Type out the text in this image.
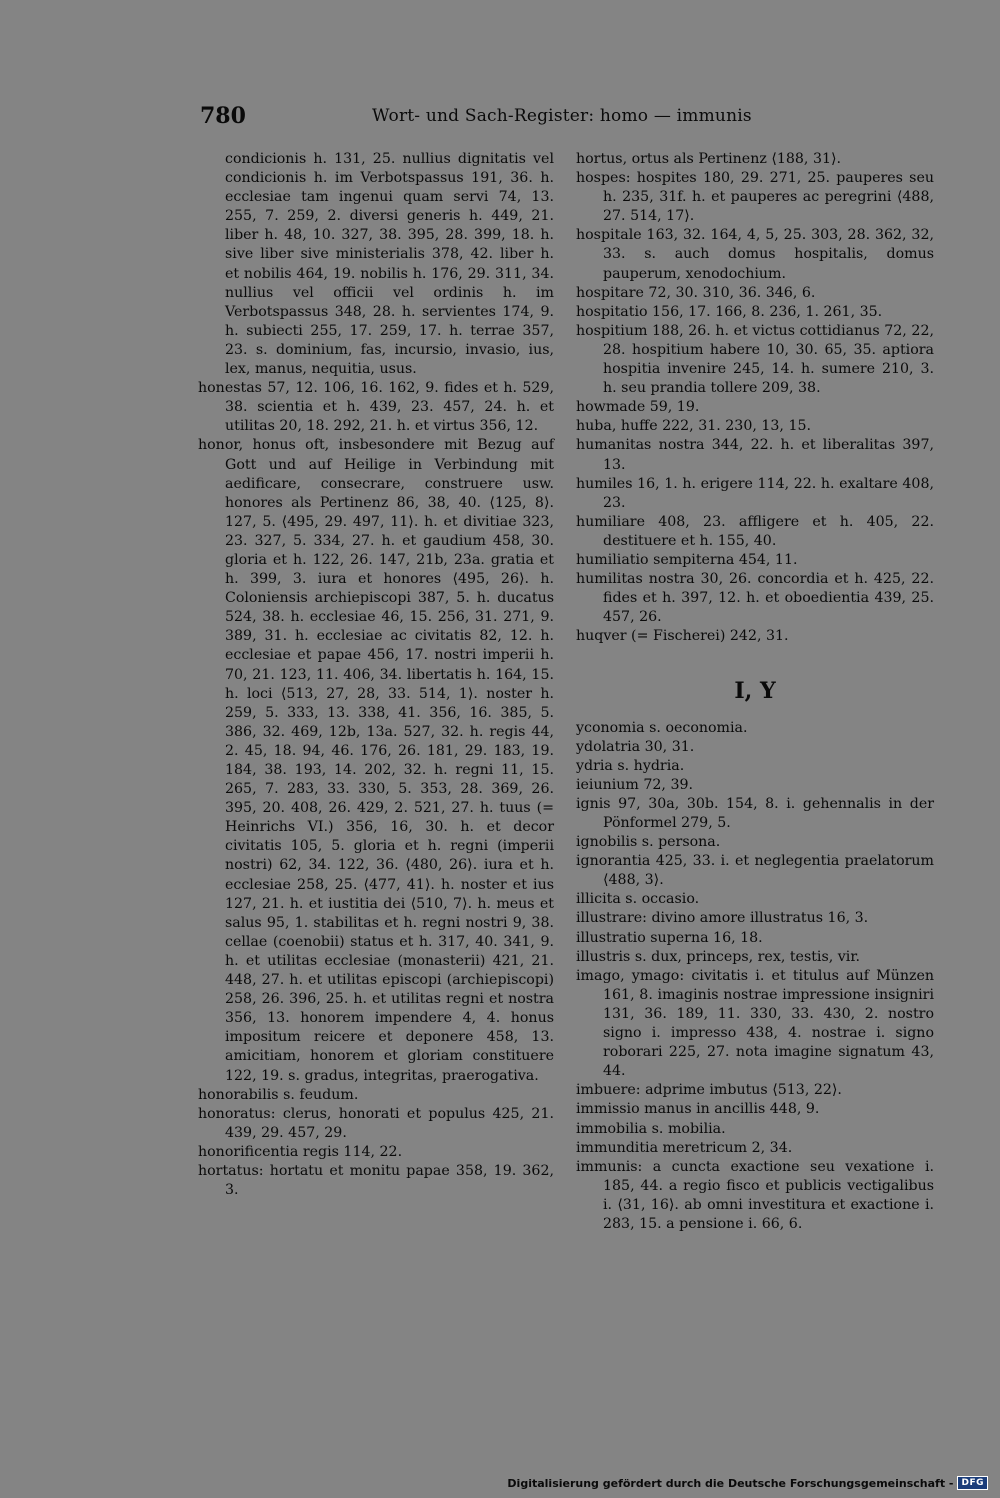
780	Wort- und Sach-Register: homo — immunis

condicionis h. 131, 25. nullius dignitatis vel condicionis h. im Verbotspassus 191, 36. h. ecclesiae tam ingenui quam servi 74, 13. 255, 7. 259, 2. diversi generis h. 449, 21. liber h. 48, 10. 327, 38. 395, 28. 399, 18. h. sive liber sive ministerialis 378, 42. liber h. et nobilis 464, 19. nobilis h. 176, 29. 311, 34. nullius vel officii vel ordinis h. im Verbotspassus 348, 28. h. servientes 174, 9. h. subiecti 255, 17. 259, 17. h. terrae 357, 23. s. dominium, fas, incursio, invasio, ius, lex, manus, nequitia, usus.

honestas 57, 12. 106, 16. 162, 9. fides et h. 529, 38. scientia et h. 439, 23. 457, 24. h. et utilitas 20, 18. 292, 21. h. et virtus 356, 12.

honor, honus oft, insbesondere mit Bezug auf Gott und auf Heilige in Verbindung mit aedificare, consecrare, construere usw. honores als Pertinenz 86, 38, 40. ⟨125, 8⟩. 127, 5. ⟨495, 29. 497, 11⟩. h. et divitiae 323, 23. 327, 5. 334, 27. h. et gaudium 458, 30. gloria et h. 122, 26. 147, 21b, 23a. gratia et h. 399, 3. iura et honores ⟨495, 26⟩. h. Coloniensis archiepiscopi 387, 5. h. ducatus 524, 38. h. ecclesiae 46, 15. 256, 31. 271, 9. 389, 31. h. ecclesiae ac civitatis 82, 12. h. ecclesiae et papae 456, 17. nostri imperii h. 70, 21. 123, 11. 406, 34. libertatis h. 164, 15. h. loci ⟨513, 27, 28, 33. 514, 1⟩. noster h. 259, 5. 333, 13. 338, 41. 356, 16. 385, 5. 386, 32. 469, 12b, 13a. 527, 32. h. regis 44, 2. 45, 18. 94, 46. 176, 26. 181, 29. 183, 19. 184, 38. 193, 14. 202, 32. h. regni 11, 15. 265, 7. 283, 33. 330, 5. 353, 28. 369, 26. 395, 20. 408, 26. 429, 2. 521, 27. h. tuus (= Heinrichs VI.) 356, 16, 30. h. et decor civitatis 105, 5. gloria et h. regni (imperii nostri) 62, 34. 122, 36. ⟨480, 26⟩. iura et h. ecclesiae 258, 25. ⟨477, 41⟩. h. noster et ius 127, 21. h. et iustitia dei ⟨510, 7⟩. h. meus et salus 95, 1. stabilitas et h. regni nostri 9, 38. cellae (coenobii) status et h. 317, 40. 341, 9. h. et utilitas ecclesiae (monasterii) 421, 21. 448, 27. h. et utilitas episcopi (archiepiscopi) 258, 26. 396, 25. h. et utilitas regni et nostra 356, 13. honorem impendere 4, 4. honus impositum reicere et deponere 458, 13. amicitiam, honorem et gloriam constituere 122, 19. s. gradus, integritas, praerogativa.

honorabilis s. feudum.

honoratus: clerus, honorati et populus 425, 21. 439, 29. 457, 29.

honorificentia regis 114, 22.

hortatus: hortatu et monitu papae 358, 19. 362, 3.

hortus, ortus als Pertinenz ⟨188, 31⟩.

hospes: hospites 180, 29. 271, 25. pauperes seu h. 235, 31f. h. et pauperes ac peregrini ⟨488, 27. 514, 17⟩.

hospitale 163, 32. 164, 4, 5, 25. 303, 28. 362, 32, 33. s. auch domus hospitalis, domus pauperum, xenodochium.

hospitare 72, 30. 310, 36. 346, 6.

hospitatio 156, 17. 166, 8. 236, 1. 261, 35.

hospitium 188, 26. h. et victus cottidianus 72, 22, 28. hospitium habere 10, 30. 65, 35. aptiora hospitia invenire 245, 14. h. sumere 210, 3. h. seu prandia tollere 209, 38.

howmade 59, 19.

huba, huffe 222, 31. 230, 13, 15.

humanitas nostra 344, 22. h. et liberalitas 397, 13.

humiles 16, 1. h. erigere 114, 22. h. exaltare 408, 23.

humiliare 408, 23. affligere et h. 405, 22. destituere et h. 155, 40.

humiliatio sempiterna 454, 11.

humilitas nostra 30, 26. concordia et h. 425, 22. fides et h. 397, 12. h. et oboedientia 439, 25. 457, 26.

huqver (= Fischerei) 242, 31.

I, Y

yconomia s. oeconomia.

ydolatria 30, 31.

ydria s. hydria.

ieiunium 72, 39.

ignis 97, 30a, 30b. 154, 8. i. gehennalis in der Pönformel 279, 5.

ignobilis s. persona.

ignorantia 425, 33. i. et neglegentia praelatorum ⟨488, 3⟩.

illicita s. occasio.

illustrare: divino amore illustratus 16, 3.

illustratio superna 16, 18.

illustris s. dux, princeps, rex, testis, vir.

imago, ymago: civitatis i. et titulus auf Münzen 161, 8. imaginis nostrae impressione insigniri 131, 36. 189, 11. 330, 33. 430, 2. nostro signo i. impresso 438, 4. nostrae i. signo roborari 225, 27. nota imagine signatum 43, 44.

imbuere: adprime imbutus ⟨513, 22⟩.

immissio manus in ancillis 448, 9.

immobilia s. mobilia.

immunditia meretricum 2, 34.

immunis: a cuncta exactione seu vexatione i. 185, 44. a regio fisco et publicis vectigalibus i. ⟨31, 16⟩. ab omni investitura et exactione i. 283, 15. a pensione i. 66, 6.

Digitalisierung gefördert durch die Deutsche Forschungsgemeinschaft - DFG
